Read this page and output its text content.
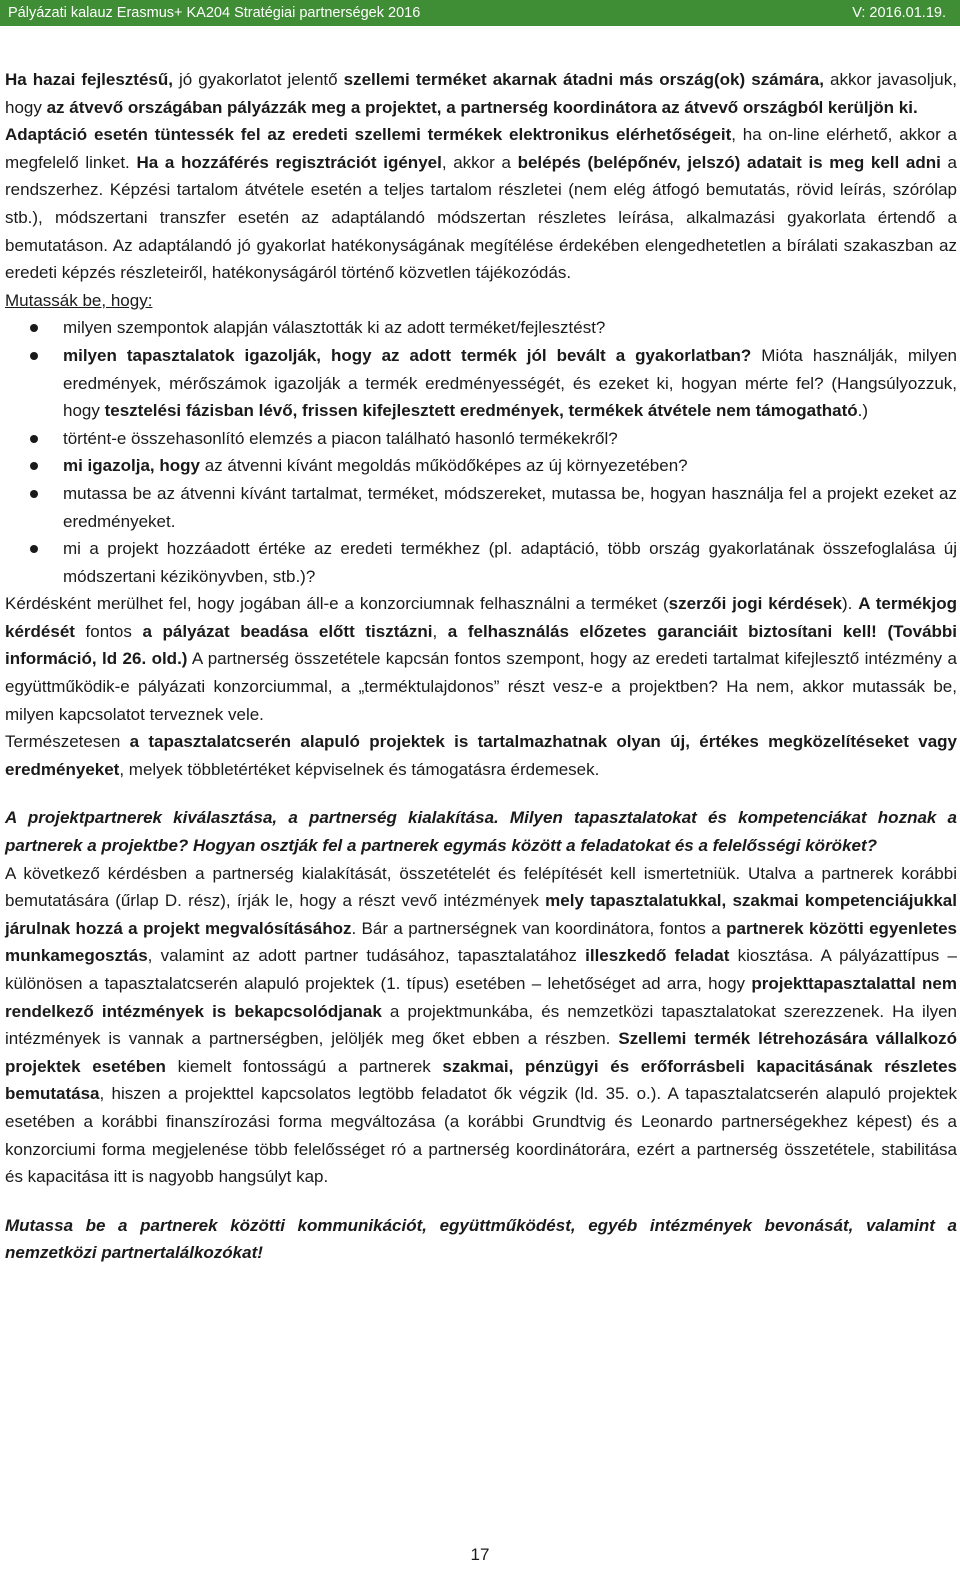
Pályázati kalauz Erasmus+ KA204 Stratégiai partnerségek 2016	V: 2016.01.19.

Ha hazai fejlesztésű, jó gyakorlatot jelentő szellemi terméket akarnak átadni más ország(ok) számára, akkor javasoljuk, hogy az átvevő országában pályázzák meg a projektet, a partnerség koordinátora az átvevő országból kerüljön ki.

Adaptáció esetén tüntessék fel az eredeti szellemi termékek elektronikus elérhetőségeit, ha on-line elérhető, akkor a megfelelő linket. Ha a hozzáférés regisztrációt igényel, akkor a belépés (belépőnév, jelszó) adatait is meg kell adni a rendszerhez. Képzési tartalom átvétele esetén a teljes tartalom részletei (nem elég átfogó bemutatás, rövid leírás, szórólap stb.), módszertani transzfer esetén az adaptálandó módszertan részletes leírása, alkalmazási gyakorlata értendő a bemutatáson. Az adaptálandó jó gyakorlat hatékonyságának megítélése érdekében elengedhetetlen a bírálati szakaszban az eredeti képzés részleteiről, hatékonyságáról történő közvetlen tájékozódás.

Mutassák be, hogy:

milyen szempontok alapján választották ki az adott terméket/fejlesztést?
milyen tapasztalatok igazolják, hogy az adott termék jól bevált a gyakorlatban? Mióta használják, milyen eredmények, mérőszámok igazolják a termék eredményességét, és ezeket ki, hogyan mérte fel? (Hangsúlyozzuk, hogy tesztelési fázisban lévő, frissen kifejlesztett eredmények, termékek átvétele nem támogatható.)
történt-e összehasonlító elemzés a piacon található hasonló termékekről?
mi igazolja, hogy az átvenni kívánt megoldás működőképes az új környezetében?
mutassa be az átvenni kívánt tartalmat, terméket, módszereket, mutassa be, hogyan használja fel a projekt ezeket az eredményeket.
mi a projekt hozzáadott értéke az eredeti termékhez (pl. adaptáció, több ország gyakorlatának összefoglalása új módszertani kézikönyvben, stb.)?

Kérdésként merülhet fel, hogy jogában áll-e a konzorciumnak felhasználni a terméket (szerzői jogi kérdések). A termékjog kérdését fontos a pályázat beadása előtt tisztázni, a felhasználás előzetes garanciáit biztosítani kell! (További információ, ld 26. old.) A partnerség összetétele kapcsán fontos szempont, hogy az eredeti tartalmat kifejlesztő intézmény a együttműködik-e pályázati konzorciummal, a „terméktulajdonos” részt vesz-e a projektben? Ha nem, akkor mutassák be, milyen kapcsolatot terveznek vele.

Természetesen a tapasztalatcserén alapuló projektek is tartalmazhatnak olyan új, értékes megközelítéseket vagy eredményeket, melyek többletértéket képviselnek és támogatásra érdemesek.

A projektpartnerek kiválasztása, a partnerség kialakítása. Milyen tapasztalatokat és kompetenciákat hoznak a partnerek a projektbe? Hogyan osztják fel a partnerek egymás között a feladatokat és a felelősségi köröket?

A következő kérdésben a partnerség kialakítását, összetételét és felépítését kell ismertetniük. Utalva a partnerek korábbi bemutatására (űrlap D. rész), írják le, hogy a részt vevő intézmények mely tapasztalatukkal, szakmai kompetenciájukkal járulnak hozzá a projekt megvalósításához. Bár a partnerségnek van koordinátora, fontos a partnerek közötti egyenletes munkamegosztás, valamint az adott partner tudásához, tapasztalatához illeszkedő feladat kiosztása. A pályázattípus – különösen a tapasztalatcserén alapuló projektek (1. típus) esetében – lehetőséget ad arra, hogy projekttapasztalattal nem rendelkező intézmények is bekapcsolódjanak a projektmunkába, és nemzetközi tapasztalatokat szerezzenek. Ha ilyen intézmények is vannak a partnerségben, jelöljék meg őket ebben a részben. Szellemi termék létrehozására vállalkozó projektek esetében kiemelt fontosságú a partnerek szakmai, pénzügyi és erőforrásbeli kapacitásának részletes bemutatása, hiszen a projekttel kapcsolatos legtöbb feladatot ők végzik (ld. 35. o.). A tapasztalatcserén alapuló projektek esetében a korábbi finanszírozási forma megváltozása (a korábbi Grundtvig és Leonardo partnerségekhez képest) és a konzorciumi forma megjelenése több felelősséget ró a partnerség koordinátorára, ezért a partnerség összetétele, stabilitása és kapacitása itt is nagyobb hangsúlyt kap.

Mutassa be a partnerek közötti kommunikációt, együttműködést, egyéb intézmények bevonását, valamint a nemzetközi partnertalálkozókat!

17
